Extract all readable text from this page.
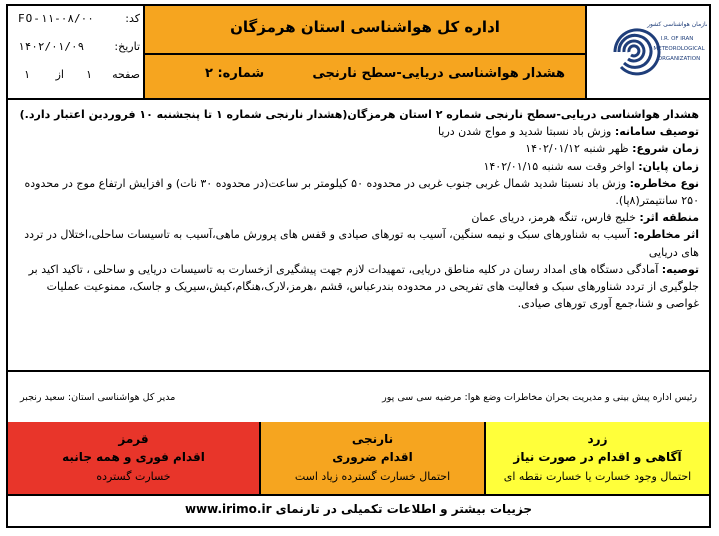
سازمان هواشناسی کشور
I.R. OF IRAN
METEOROLOGICAL
ORGANIZATION
اداره کل هواشناسی استان هرمزگان
هشدار هواشناسی دریایی-سطح نارنجی
شماره: ۲
کد:
FO-۱۱-۰۸/۰۰
تاریخ:
۱۴۰۲/۰۱/۰۹
صفحه
۱
از
۱

هشدار هواشناسی دریایی-سطح نارنجی شماره ۲ استان هرمزگان(هشدار نارنجی شماره ۱ تا پنجشنبه ۱۰ فروردین اعتبار دارد.)

توصیف سامانه: وزش باد نسبتا شدید و مواج شدن دریا

زمان شروع: ظهر شنبه ۱۴۰۲/۰۱/۱۲

زمان پایان: اواخر وقت سه شنبه ۱۴۰۲/۰۱/۱۵

نوع مخاطره: وزش باد نسبتا شدید شمال غربی جنوب غربی در محدوده ۵۰ کیلومتر بر ساعت(در محدوده ۳۰ نات) و افزایش ارتفاع موج در محدوده ۲۵۰ سانتیمتر(۸پا).

منطقه اثر: خلیج فارس، تنگه هرمز، دریای عمان

اثر مخاطره: آسیب به شناورهای سبک و نیمه سنگین، آسیب به تورهای صیادی و قفس های پرورش ماهی،آسیب به تاسیسات ساحلی،اختلال در تردد های دریایی

توصیه: آمادگی دستگاه های امداد رسان در کلیه مناطق دریایی، تمهیدات لازم جهت پیشگیری ازخسارت به تاسیسات دریایی و ساحلی ، تاکید اکید بر جلوگیری از تردد شناورهای سبک و فعالیت های تفریحی در محدوده بندرعباس، قشم ،هرمز،لارک،هنگام،کیش،سیریک و جاسک، ممنوعیت عملیات غواصی و شنا،جمع آوری تورهای صیادی.

رئیس اداره پیش بینی و مدیریت بحران مخاطرات وضع هوا: مرضیه سی سی پور
مدیر کل هواشناسی استان: سعید رنجبر
زرد
آگاهی و اقدام در صورت نیاز
احتمال وجود خسارت یا خسارت نقطه ای
نارنجی
اقدام ضروری
احتمال خسارت گسترده زیاد است
قرمز
اقدام فوری و همه جانبه
خسارت گسترده
جزییات بیشتر و اطلاعات تکمیلی در تارنمای www.irimo.ir
